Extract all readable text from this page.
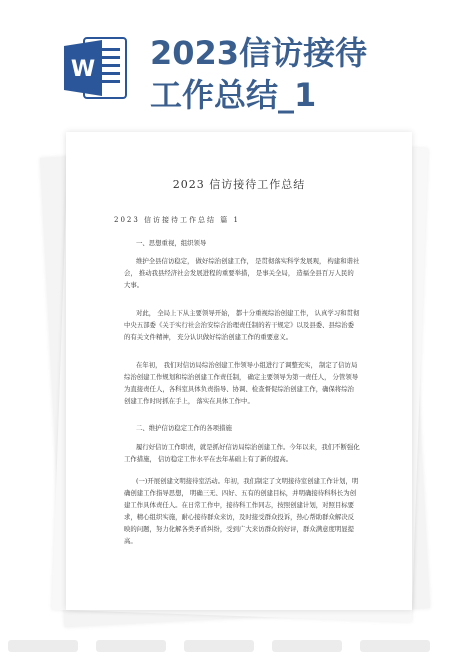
W 2023信访接待
工作总结_1
2023 信访接待工作总结
2023 信访接待工作总结 篇 1
一、思想重视，组织领导
维护全县信访稳定， 做好综治创建工作， 是贯彻落实科学发展观， 构建和谐社会， 推动我县经济社会发展进程的重要举措， 是事关全局， 造福全县百万人民的大事。
对此， 全局上下从主要领导开始， 都十分重视综治创建工作， 认真学习和贯彻中央五部委《关于实行社会治安综合治理责任制的若干规定》以及县委、县综治委的有关文件精神， 充分认识做好综治创建工作的重要意义。
在年初， 我们对信访局综治创建工作领导小组进行了调整充实， 制定了信访局综治创建工作规划和综治创建工作责任制， 确定主要领导为第一责任人， 分管领导为直接责任人，各科室具体负责指导、协调、检查督促综治创建工作，确保将综治创建工作时时抓在手上， 落实在具体工作中。
二、维护信访稳定工作的各项措施
履行好信访工作职责，就是抓好信访局综治创建工作。今年以来，我们不断强化工作措施， 信访稳定工作水平在去年基础上有了新的提高。
(一)开展创建文明接待室活动。年初，我们制定了文明接待室创建工作计划，明确创建工作指导思想， 明确三无、四好、五有的创建目标，并明确接待科科长为创建工作具体责任人。在日常工作中，接待科工作同志，按照创建计划，对照目标要求，精心组织实施，耐心接待群众来访，及时接受群众投诉，热心帮助群众解决反映的问题，努力化解各类矛盾纠纷，受到广大来访群众的好评，群众满意度明显提高。
